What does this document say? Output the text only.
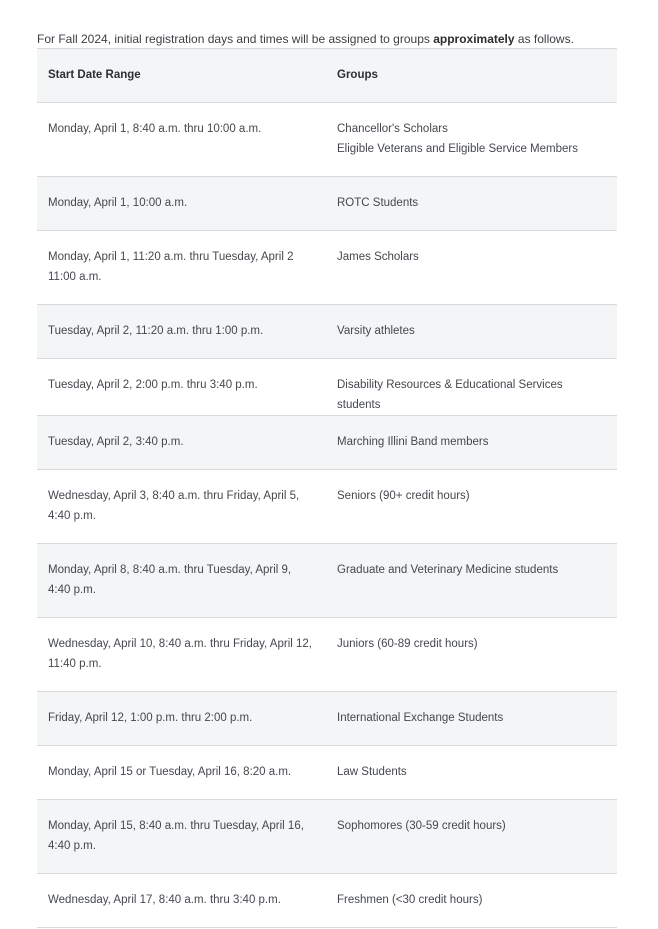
For Fall 2024, initial registration days and times will be assigned to groups approximately as follows.

Start Date Range	Groups
Monday, April 1, 8:40 a.m. thru 10:00 a.m.	Chancellor's Scholars
Eligible Veterans and Eligible Service Members

Monday, April 1, 10:00 a.m.	ROTC Students

Monday, April 1, 11:20 a.m. thru Tuesday, April 2 11:00 a.m.	James Scholars

Tuesday, April 2, 11:20 a.m. thru 1:00 p.m.	Varsity athletes

Tuesday, April 2, 2:00 p.m. thru 3:40 p.m.	Disability Resources & Educational Services students

Tuesday, April 2, 3:40 p.m.	Marching Illini Band members

Wednesday, April 3, 8:40 a.m. thru Friday, April 5, 4:40 p.m.	Seniors (90+ credit hours)

Monday, April 8, 8:40 a.m. thru Tuesday, April 9, 4:40 p.m.	Graduate and Veterinary Medicine students

Wednesday, April 10, 8:40 a.m. thru Friday, April 12, 11:40 p.m.	Juniors (60-89 credit hours)

Friday, April 12, 1:00 p.m. thru 2:00 p.m.	International Exchange Students

Monday, April 15 or Tuesday, April 16, 8:20 a.m.	Law Students

Monday, April 15, 8:40 a.m. thru Tuesday, April 16, 4:40 p.m.	Sophomores (30-59 credit hours)

Wednesday, April 17, 8:40 a.m. thru 3:40 p.m.	Freshmen (<30 credit hours)
